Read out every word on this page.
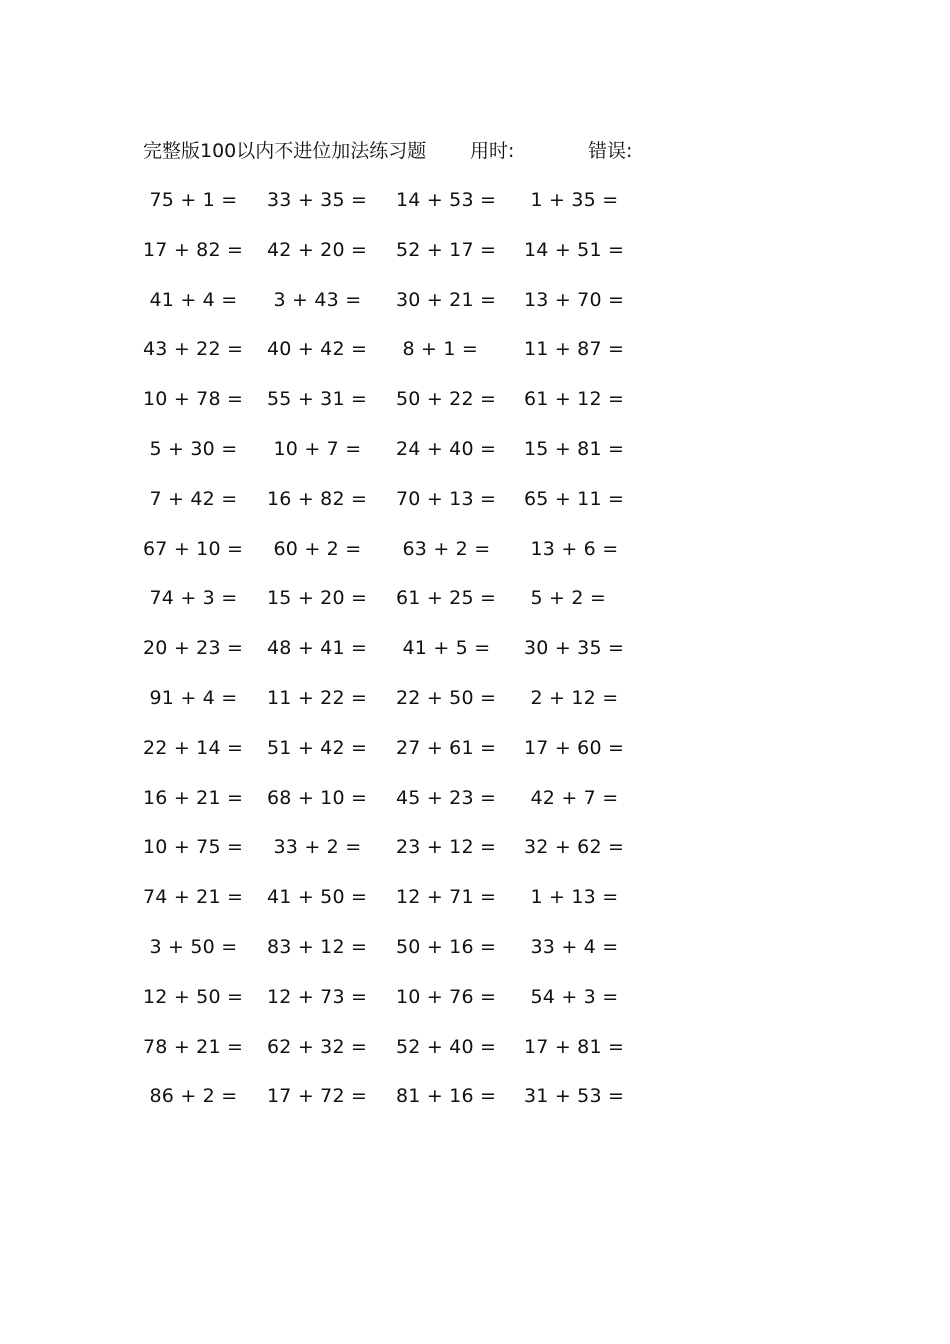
完整版100以内不进位加法练习题 用时:	错误:
75 + 1 = 33 + 35 = 14 + 53 = 1 + 35 =
17 + 82 = 42 + 20 = 52 + 17 = 14 + 51 =
41 + 4 = 3 + 43 = 30 + 21 = 13 + 70 =
43 + 22 = 40 + 42 = 8 + 1 = 11 + 87 =
10 + 78 = 55 + 31 = 50 + 22 = 61 + 12 =
5 + 30 = 10 + 7 = 24 + 40 = 15 + 81 =
7 + 42 = 16 + 82 = 70 + 13 = 65 + 11 =
67 + 10 = 60 + 2 = 63 + 2 = 13 + 6 =
74 + 3 = 15 + 20 = 61 + 25 = 5 + 2 =
20 + 23 = 48 + 41 = 41 + 5 = 30 + 35 =
91 + 4 = 11 + 22 = 22 + 50 = 2 + 12 =
22 + 14 = 51 + 42 = 27 + 61 = 17 + 60 =
16 + 21 = 68 + 10 = 45 + 23 = 42 + 7 =
10 + 75 = 33 + 2 = 23 + 12 = 32 + 62 =
74 + 21 = 41 + 50 = 12 + 71 = 1 + 13 =
3 + 50 = 83 + 12 = 50 + 16 = 33 + 4 =
12 + 50 = 12 + 73 = 10 + 76 = 54 + 3 =
78 + 21 = 62 + 32 = 52 + 40 = 17 + 81 =
86 + 2 = 17 + 72 = 81 + 16 = 31 + 53 =
